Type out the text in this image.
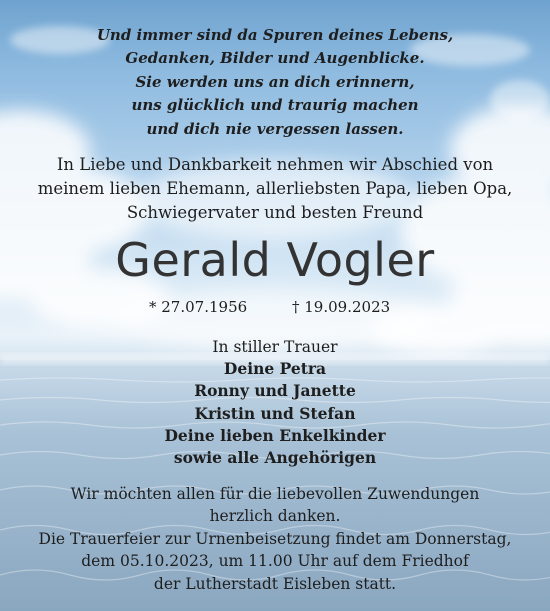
Und immer sind da Spuren deines Lebens,
Gedanken, Bilder und Augenblicke.
Sie werden uns an dich erinnern,
uns glücklich und traurig machen
und dich nie vergessen lassen.
In Liebe und Dankbarkeit nehmen wir Abschied von
meinem lieben Ehemann, allerliebsten Papa, lieben Opa,
Schwiegervater und besten Freund
Gerald Vogler
* 27.07.1956	† 19.09.2023
In stiller Trauer
Deine Petra
Ronny und Janette
Kristin und Stefan
Deine lieben Enkelkinder
sowie alle Angehörigen
Wir möchten allen für die liebevollen Zuwendungen
herzlich danken.
Die Trauerfeier zur Urnenbeisetzung findet am Donnerstag,
dem 05.10.2023, um 11.00 Uhr auf dem Friedhof
der Lutherstadt Eisleben statt.
